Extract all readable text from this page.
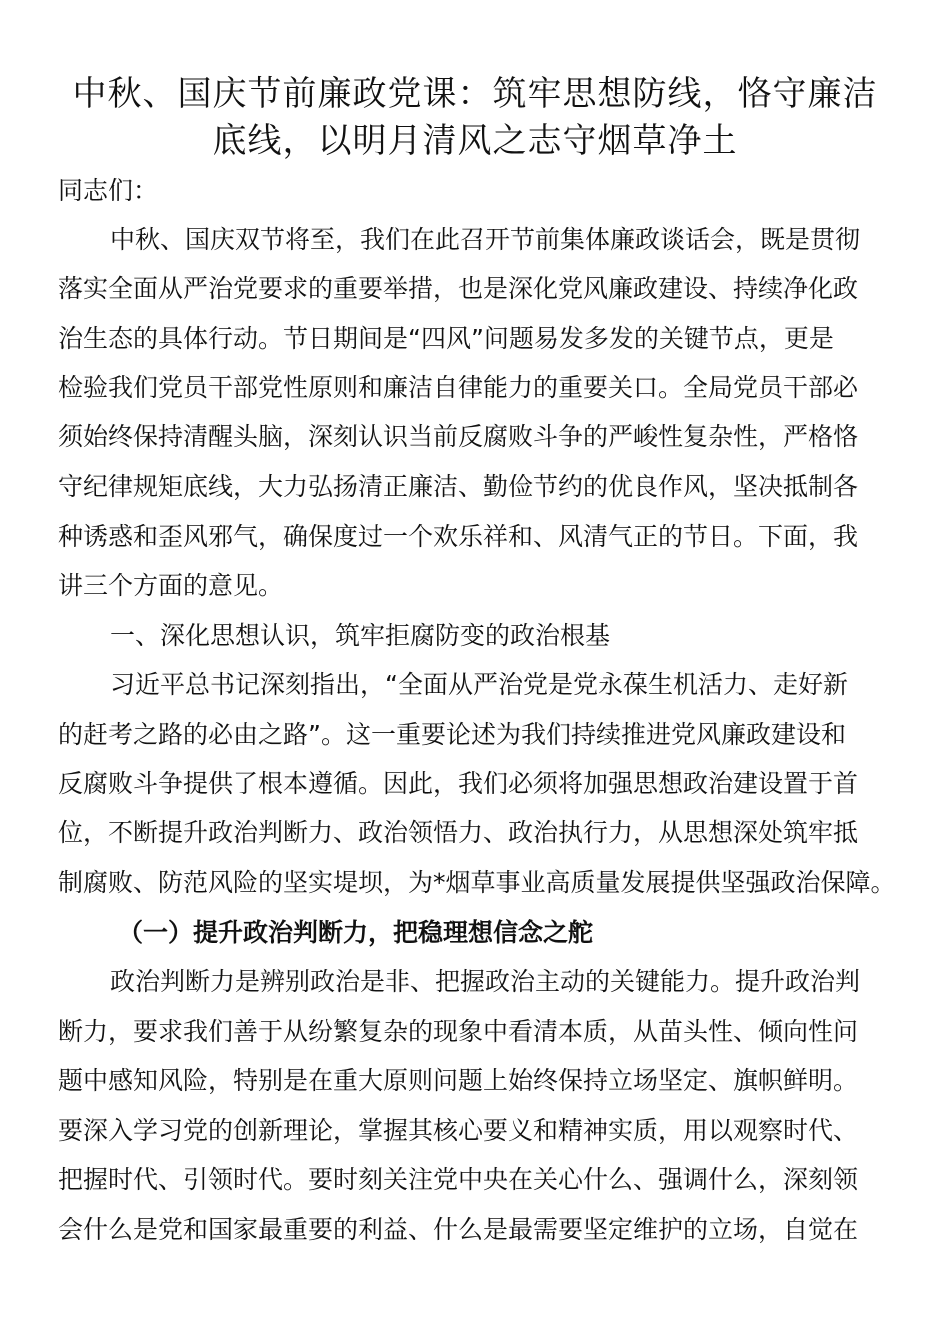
中秋、国庆节前廉政党课：筑牢思想防线，恪守廉洁
底线，以明月清风之志守烟草净土

同志们：

中秋、国庆双节将至，我们在此召开节前集体廉政谈话会，既是贯彻

落实全面从严治党要求的重要举措，也是深化党风廉政建设、持续净化政

治生态的具体行动。节日期间是“四风”问题易发多发的关键节点，更是

检验我们党员干部党性原则和廉洁自律能力的重要关口。全局党员干部必

须始终保持清醒头脑，深刻认识当前反腐败斗争的严峻性复杂性，严格恪

守纪律规矩底线，大力弘扬清正廉洁、勤俭节约的优良作风，坚决抵制各

种诱惑和歪风邪气，确保度过一个欢乐祥和、风清气正的节日。下面，我

讲三个方面的意见。

一、深化思想认识，筑牢拒腐防变的政治根基

习近平总书记深刻指出，“全面从严治党是党永葆生机活力、走好新

的赶考之路的必由之路”。这一重要论述为我们持续推进党风廉政建设和

反腐败斗争提供了根本遵循。因此，我们必须将加强思想政治建设置于首

位，不断提升政治判断力、政治领悟力、政治执行力，从思想深处筑牢抵

制腐败、防范风险的坚实堤坝，为*烟草事业高质量发展提供坚强政治保障。

（一）提升政治判断力，把稳理想信念之舵

政治判断力是辨别政治是非、把握政治主动的关键能力。提升政治判

断力，要求我们善于从纷繁复杂的现象中看清本质，从苗头性、倾向性问

题中感知风险，特别是在重大原则问题上始终保持立场坚定、旗帜鲜明。

要深入学习党的创新理论，掌握其核心要义和精神实质，用以观察时代、

把握时代、引领时代。要时刻关注党中央在关心什么、强调什么，深刻领

会什么是党和国家最重要的利益、什么是最需要坚定维护的立场，自觉在
